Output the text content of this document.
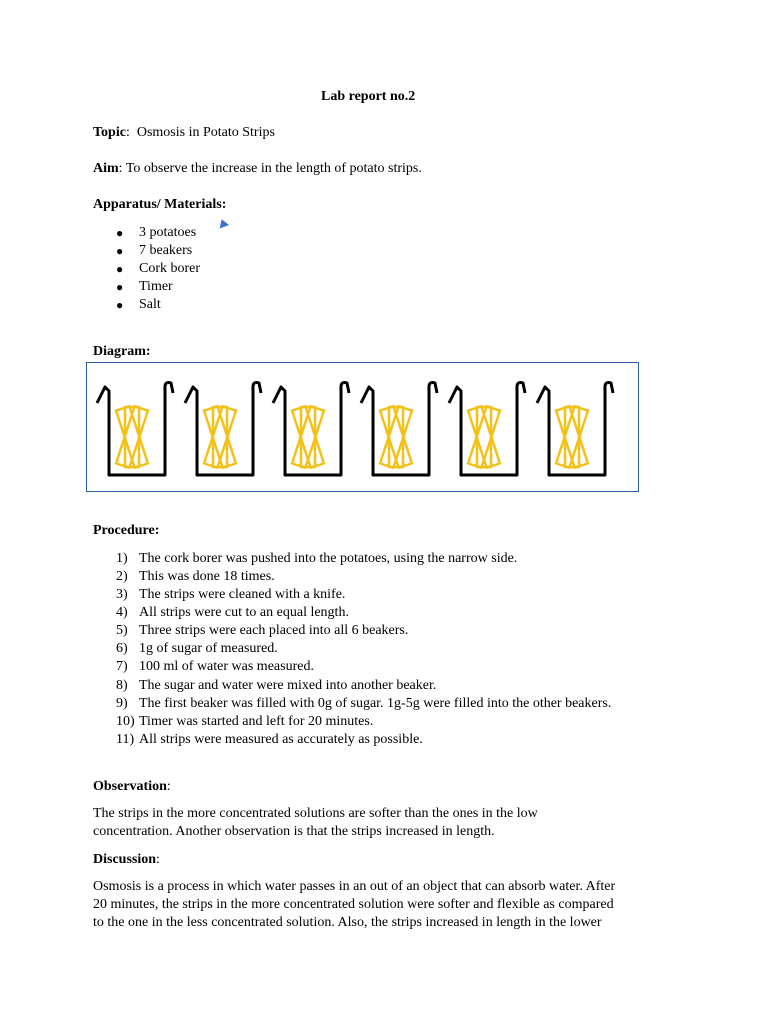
Lab report no.2
Topic:  Osmosis in Potato Strips
Aim: To observe the increase in the length of potato strips.
Apparatus/ Materials:
● 3 potatoes
● 7 beakers
● Cork borer
● Timer
● Salt
Diagram:
Procedure:
1) The cork borer was pushed into the potatoes, using the narrow side.
2) This was done 18 times.
3) The strips were cleaned with a knife.
4) All strips were cut to an equal length.
5) Three strips were each placed into all 6 beakers.
6) 1g of sugar of measured.
7) 100 ml of water was measured.
8) The sugar and water were mixed into another beaker.
9) The first beaker was filled with 0g of sugar. 1g-5g were filled into the other beakers.
10) Timer was started and left for 20 minutes.
11) All strips were measured as accurately as possible.
Observation:
The strips in the more concentrated solutions are softer than the ones in the low
concentration. Another observation is that the strips increased in length.
Discussion:
Osmosis is a process in which water passes in an out of an object that can absorb water. After
20 minutes, the strips in the more concentrated solution were softer and flexible as compared
to the one in the less concentrated solution. Also, the strips increased in length in the lower
